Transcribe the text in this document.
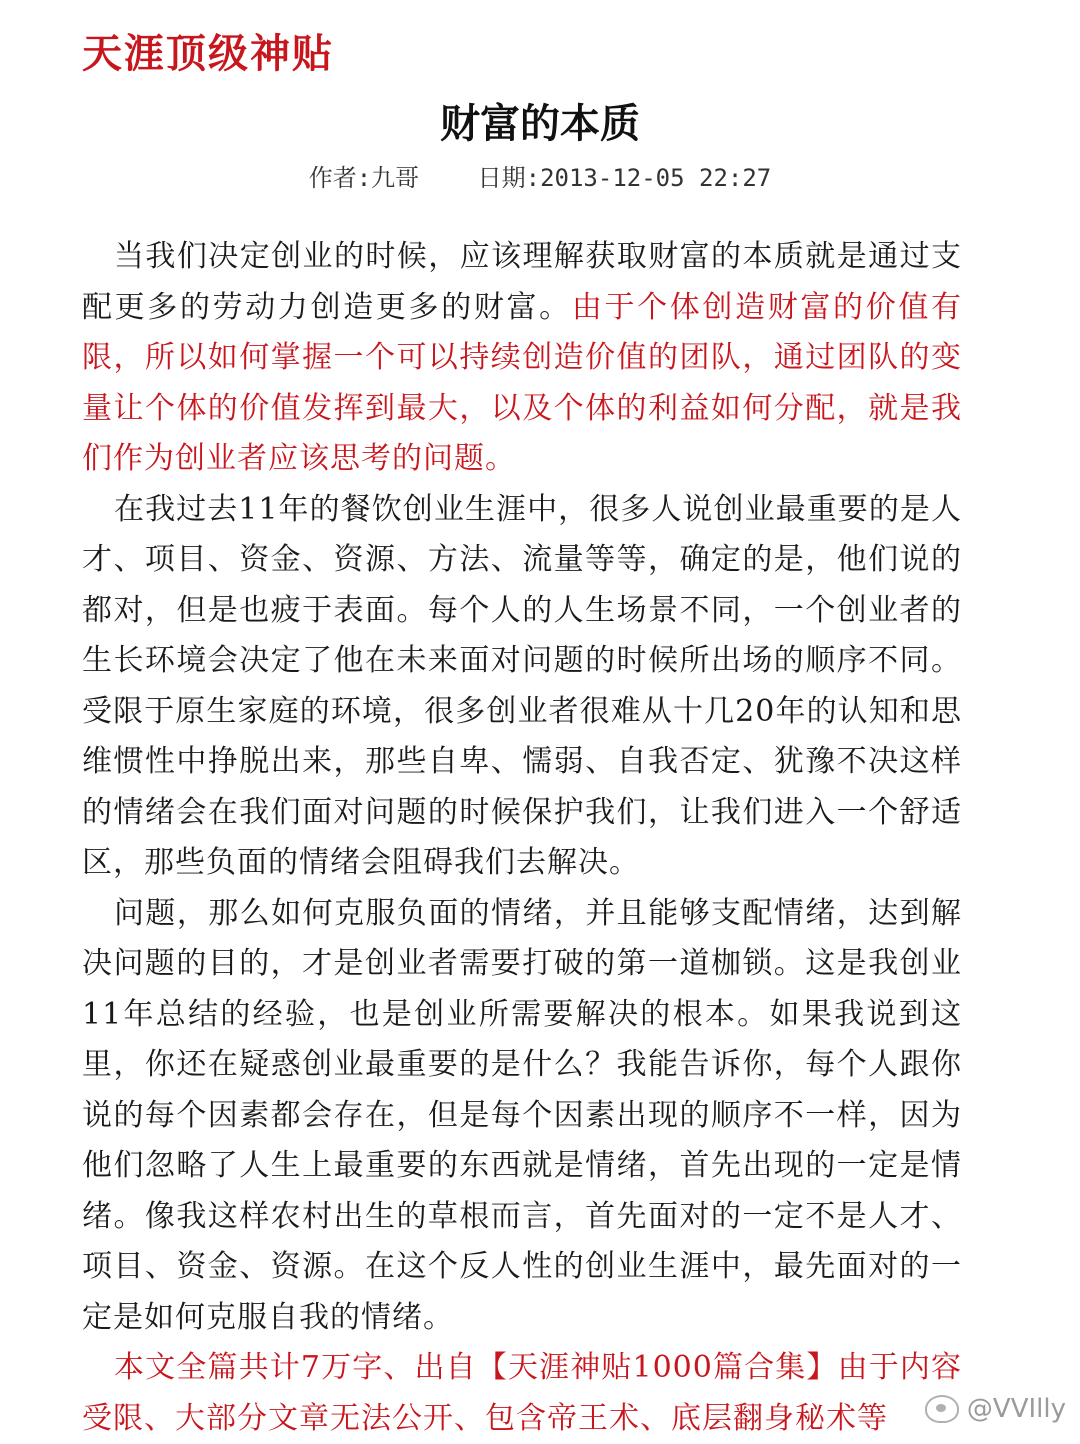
天涯顶级神贴
财富的本质
作者:九哥 日期:2013-12-05 22:27

当我们决定创业的时候，应该理解获取财富的本质就是通过支配更多的劳动力创造更多的财富。由于个体创造财富的价值有限，所以如何掌握一个可以持续创造价值的团队，通过团队的变量让个体的价值发挥到最大，以及个体的利益如何分配，就是我们作为创业者应该思考的问题。

在我过去11年的餐饮创业生涯中，很多人说创业最重要的是人才、项目、资金、资源、方法、流量等等，确定的是，他们说的都对，但是也疲于表面。每个人的人生场景不同，一个创业者的生长环境会决定了他在未来面对问题的时候所出场的顺序不同。受限于原生家庭的环境，很多创业者很难从十几20年的认知和思维惯性中挣脱出来，那些自卑、懦弱、自我否定、犹豫不决这样的情绪会在我们面对问题的时候保护我们，让我们进入一个舒适区，那些负面的情绪会阻碍我们去解决。

问题，那么如何克服负面的情绪，并且能够支配情绪，达到解决问题的目的，才是创业者需要打破的第一道枷锁。这是我创业11年总结的经验，也是创业所需要解决的根本。如果我说到这里，你还在疑惑创业最重要的是什么？我能告诉你，每个人跟你说的每个因素都会存在，但是每个因素出现的顺序不一样，因为他们忽略了人生上最重要的东西就是情绪，首先出现的一定是情绪。像我这样农村出生的草根而言，首先面对的一定不是人才、项目、资金、资源。在这个反人性的创业生涯中，最先面对的一定是如何克服自我的情绪。

本文全篇共计7万字、出自【天涯神贴1000篇合集】由于内容受限、大部分文章无法公开、包含帝王术、底层翻身秘术等	@VVIlly
